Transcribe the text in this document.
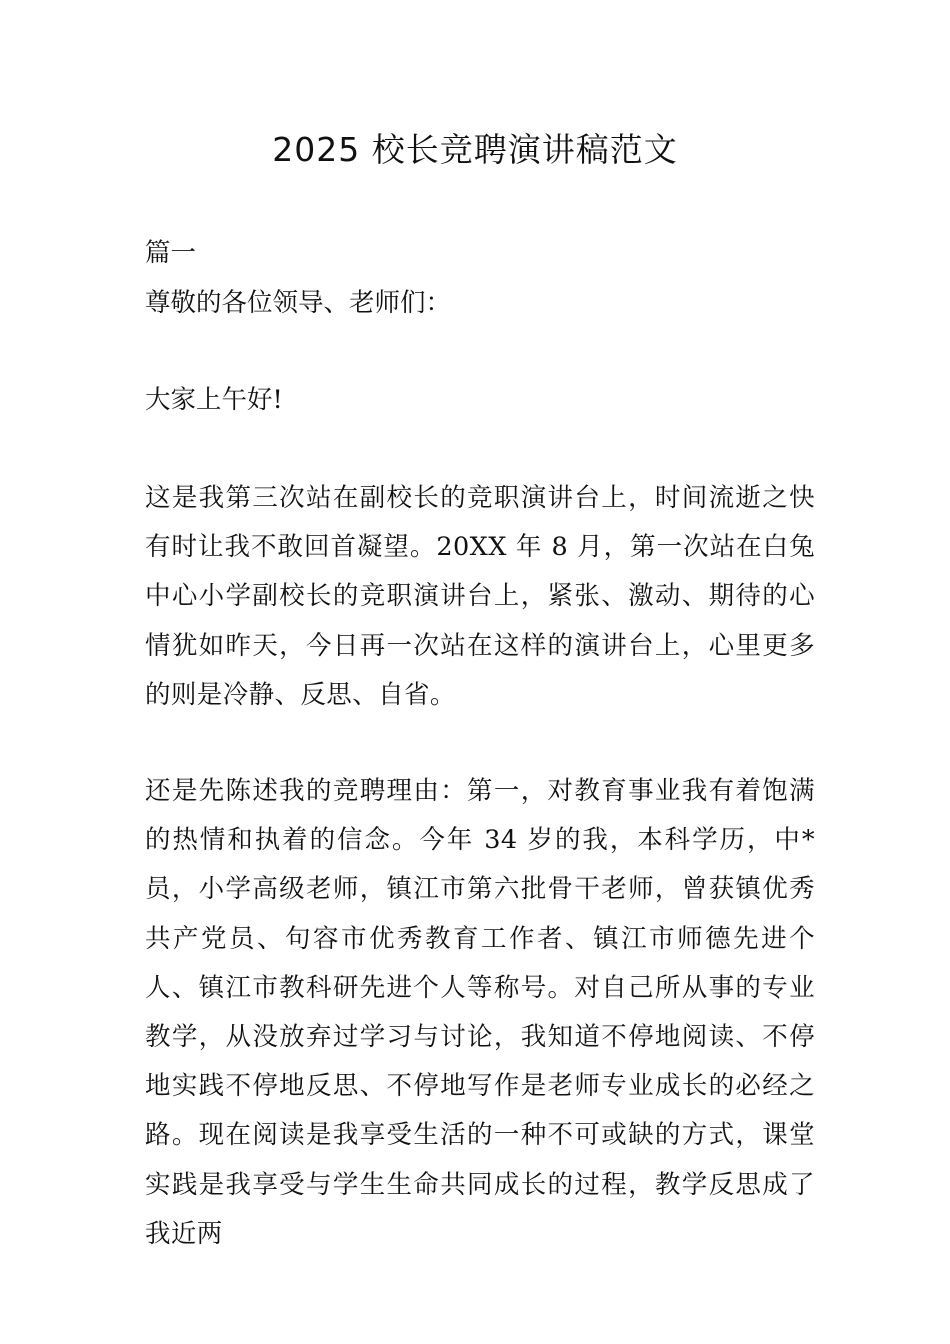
2025 校长竞聘演讲稿范文

篇一

尊敬的各位领导、老师们：

大家上午好!

这是我第三次站在副校长的竞职演讲台上，时间流逝之快有时让我不敢回首凝望。20XX 年 8 月，第一次站在白兔中心小学副校长的竞职演讲台上，紧张、激动、期待的心情犹如昨天，今日再一次站在这样的演讲台上，心里更多的则是冷静、反思、自省。

还是先陈述我的竞聘理由：第一，对教育事业我有着饱满的热情和执着的信念。今年 34 岁的我，本科学历，中*员，小学高级老师，镇江市第六批骨干老师，曾获镇优秀共产党员、句容市优秀教育工作者、镇江市师德先进个人、镇江市教科研先进个人等称号。对自己所从事的专业教学，从没放弃过学习与讨论，我知道不停地阅读、不停地实践不停地反思、不停地写作是老师专业成长的必经之路。现在阅读是我享受生活的一种不可或缺的方式，课堂实践是我享受与学生生命共同成长的过程，教学反思成了我近两
